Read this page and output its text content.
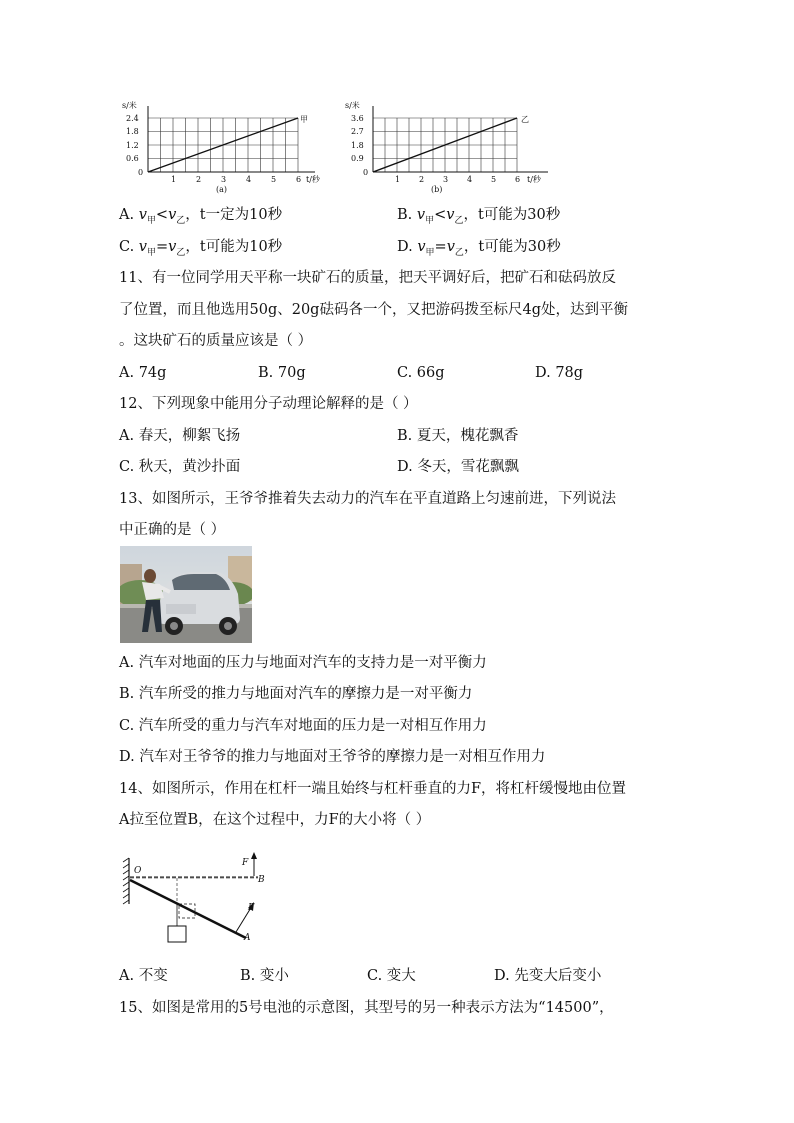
s/米
2.4
1.8
1.2
0.6
0
1 2 3 4 5 6 t/秒
甲
(a)
s/米
3.6
2.7
1.8
0.9
0
1 2 3 4 5 6 t/秒
乙
(b)
A. $v_甲<v_乙$，t一定为10秒	B. $v_甲<v_乙$，t可能为30秒
C. $v_甲=v_乙$，t可能为10秒	D. $v_甲=v_乙$，t可能为30秒
11、有一位同学用天平称一块矿石的质量，把天平调好后，把矿石和砝码放反
了位置，而且他选用50g、20g砝码各一个，又把游码拨至标尺4g处，达到平衡
。这块矿石的质量应该是（ ）
A. 74g	B. 70g	C. 66g	D. 78g
12、下列现象中能用分子动理论解释的是（ ）
A. 春天，柳絮飞扬	B. 夏天，槐花飘香
C. 秋天，黄沙扑面	D. 冬天，雪花飘飘
13、如图所示，王爷爷推着失去动力的汽车在平直道路上匀速前进，下列说法
中正确的是（ ）
A. 汽车对地面的压力与地面对汽车的支持力是一对平衡力
B. 汽车所受的推力与地面对汽车的摩擦力是一对平衡力
C. 汽车所受的重力与汽车对地面的压力是一对相互作用力
D. 汽车对王爷爷的推力与地面对王爷爷的摩擦力是一对相互作用力
14、如图所示，作用在杠杆一端且始终与杠杆垂直的力F，将杠杆缓慢地由位置
A拉至位置B，在这个过程中，力F的大小将（ ）
O
F
B
F
A
A. 不变	B. 变小	C. 变大	D. 先变大后变小
15、如图是常用的5号电池的示意图，其型号的另一种表示方法为“14500”，
